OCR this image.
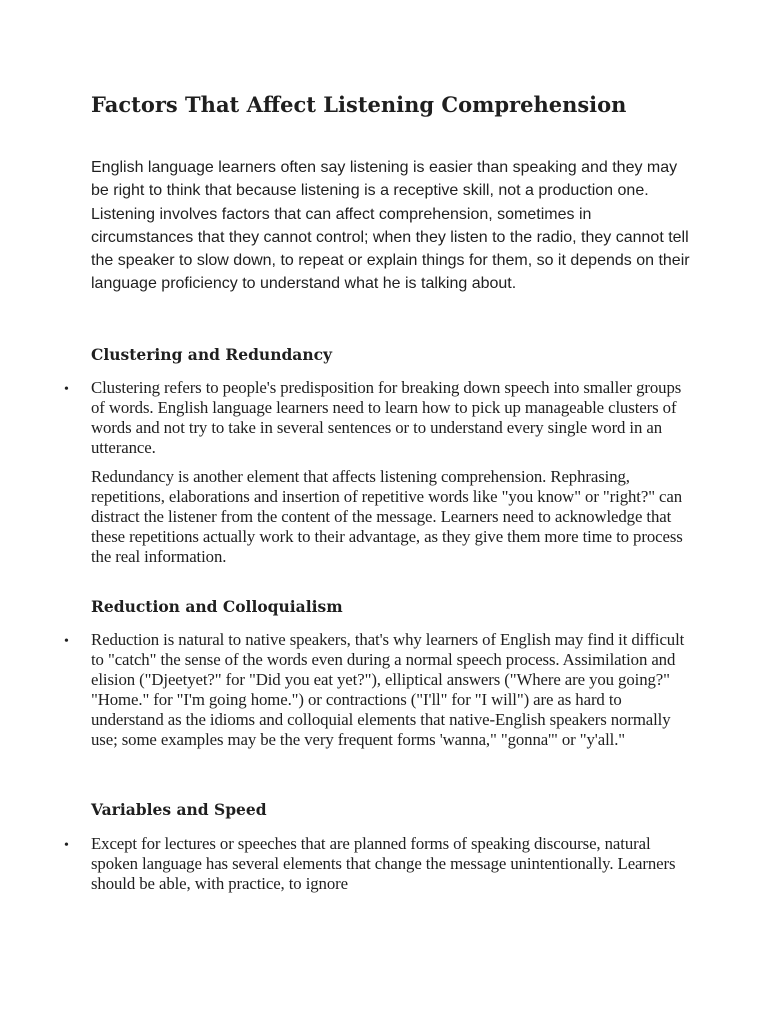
Factors That Affect Listening Comprehension

English language learners often say listening is easier than speaking and they may be right to think that because listening is a receptive skill, not a production one. Listening involves factors that can affect comprehension, sometimes in circumstances that they cannot control; when they listen to the radio, they cannot tell the speaker to slow down, to repeat or explain things for them, so it depends on their language proficiency to understand what he is talking about.

Clustering and Redundancy
• Clustering refers to people's predisposition for breaking down speech into smaller groups of words. English language learners need to learn how to pick up manageable clusters of words and not try to take in several sentences or to understand every single word in an utterance.

Redundancy is another element that affects listening comprehension. Rephrasing, repetitions, elaborations and insertion of repetitive words like "you know" or "right?" can distract the listener from the content of the message. Learners need to acknowledge that these repetitions actually work to their advantage, as they give them more time to process the real information.

Reduction and Colloquialism
• Reduction is natural to native speakers, that's why learners of English may find it difficult to "catch" the sense of the words even during a normal speech process. Assimilation and elision ("Djeetyet?" for "Did you eat yet?"), elliptical answers ("Where are you going?" "Home." for "I'm going home.") or contractions ("I'll" for "I will") are as hard to understand as the idioms and colloquial elements that native-English speakers normally use; some examples may be the very frequent forms 'wanna," "gonna'" or "y'all."

Variables and Speed
• Except for lectures or speeches that are planned forms of speaking discourse, natural spoken language has several elements that change the message unintentionally. Learners should be able, with practice, to ignore
